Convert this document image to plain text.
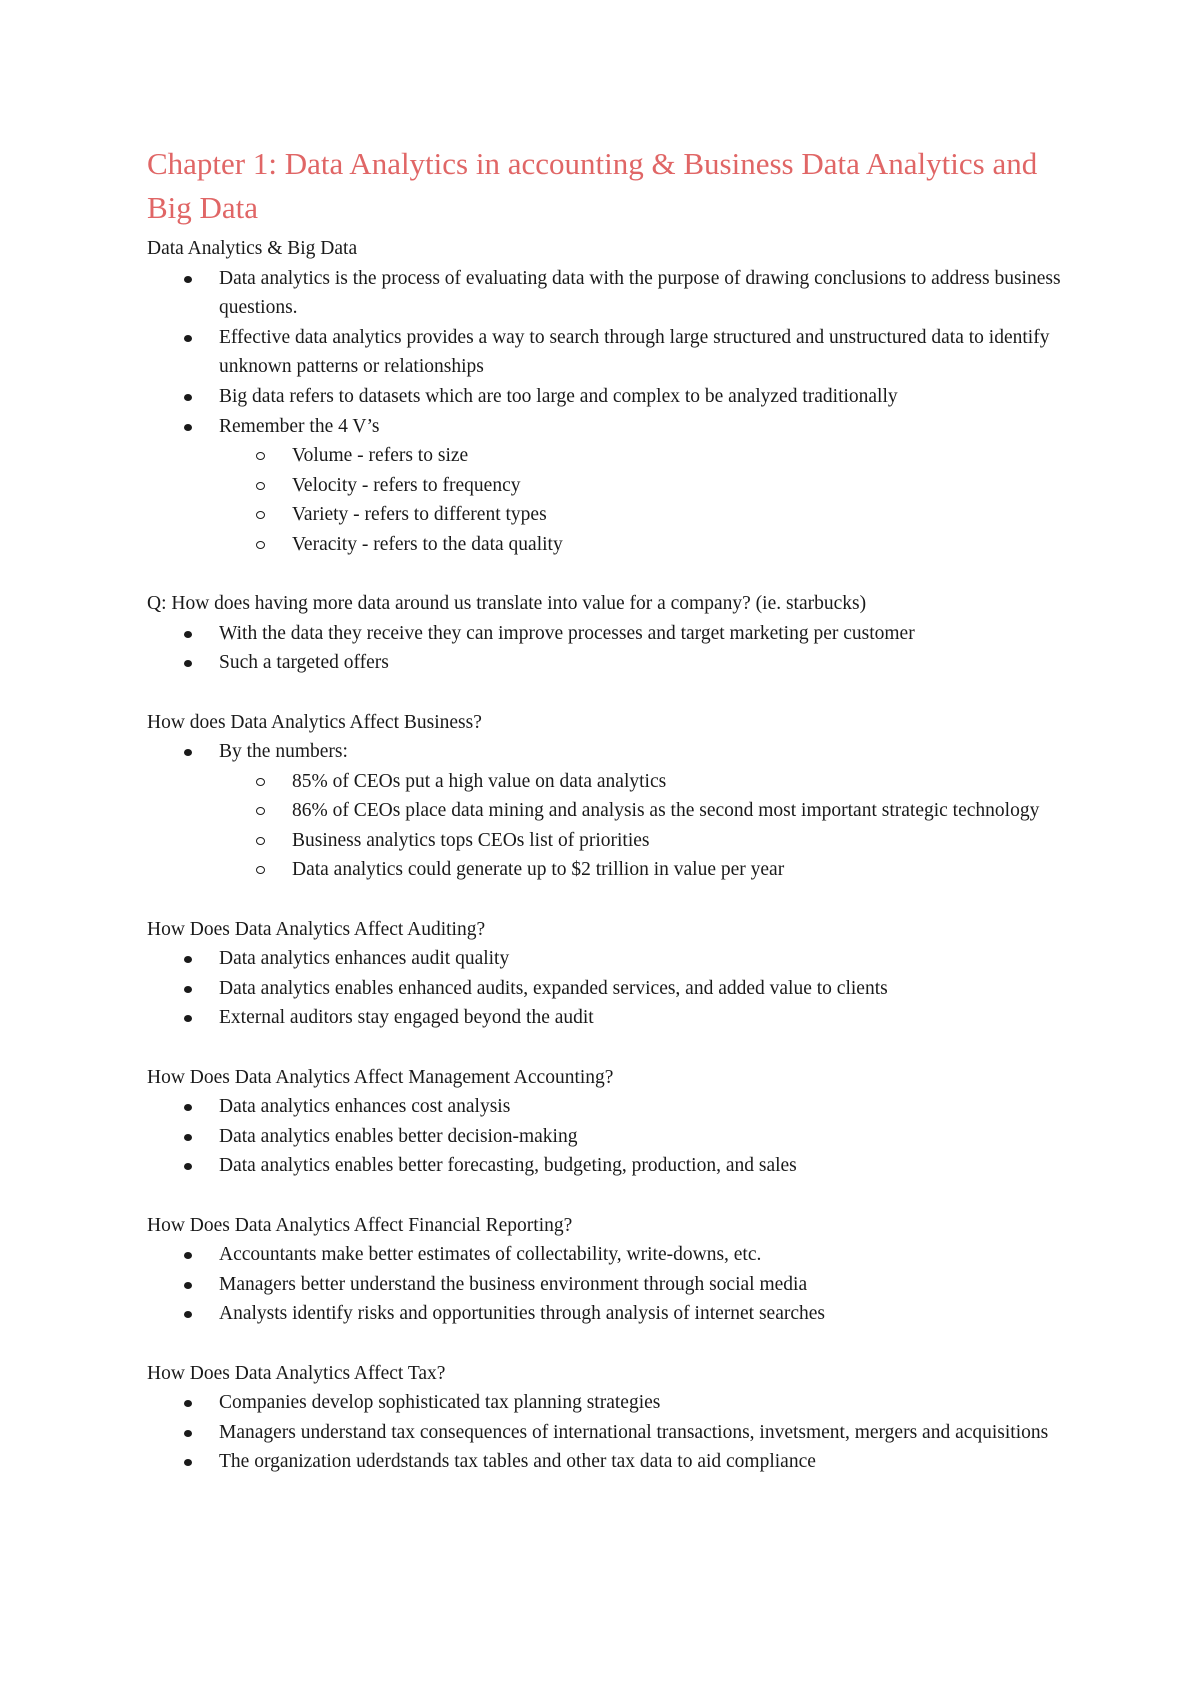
Chapter 1: Data Analytics in accounting & Business Data Analytics and Big Data

Data Analytics & Big Data

Data analytics is the process of evaluating data with the purpose of drawing conclusions to address business questions.
Effective data analytics provides a way to search through large structured and unstructured data to identify unknown patterns or relationships
Big data refers to datasets which are too large and complex to be analyzed traditionally
Remember the 4 V’s
Volume - refers to size
Velocity - refers to frequency
Variety - refers to different types
Veracity - refers to the data quality

Q: How does having more data around us translate into value for a company? (ie. starbucks)

With the data they receive they can improve processes and target marketing per customer
Such a targeted offers

How does Data Analytics Affect Business?

By the numbers:
85% of CEOs put a high value on data analytics
86% of CEOs place data mining and analysis as the second most important strategic technology
Business analytics tops CEOs list of priorities
Data analytics could generate up to $2 trillion in value per year

How Does Data Analytics Affect Auditing?

Data analytics enhances audit quality
Data analytics enables enhanced audits, expanded services, and added value to clients
External auditors stay engaged beyond the audit

How Does Data Analytics Affect Management Accounting?

Data analytics enhances cost analysis
Data analytics enables better decision-making
Data analytics enables better forecasting, budgeting, production, and sales

How Does Data Analytics Affect Financial Reporting?

Accountants make better estimates of collectability, write-downs, etc.
Managers better understand the business environment through social media
Analysts identify risks and opportunities through analysis of internet searches

How Does Data Analytics Affect Tax?

Companies develop sophisticated tax planning strategies
Managers understand tax consequences of international transactions, invetsment, mergers and acquisitions
The organization uderdstands tax tables and other tax data to aid compliance
